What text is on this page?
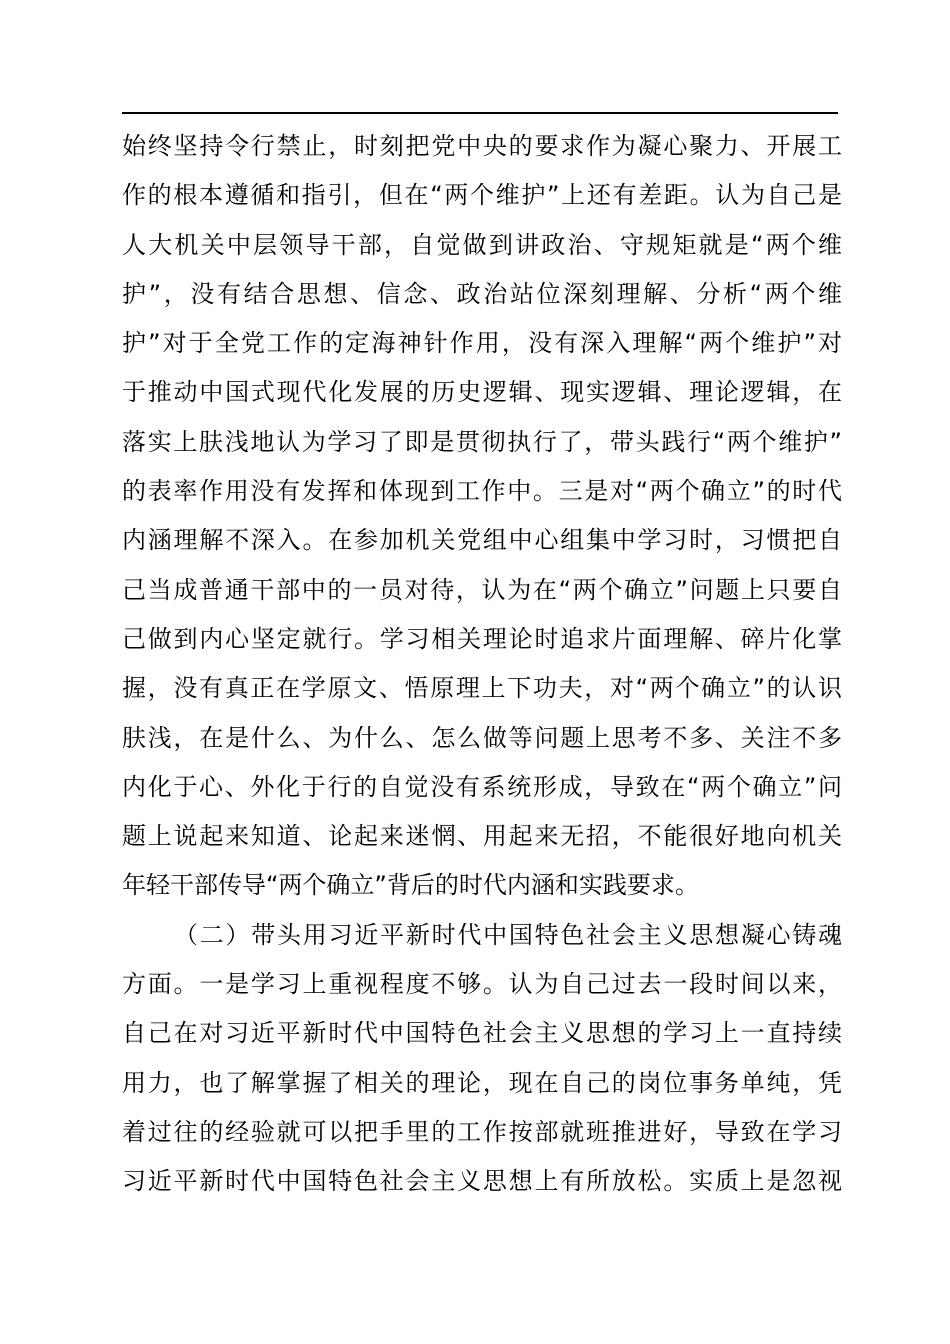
始终坚持令行禁止，时刻把党中央的要求作为凝心聚力、开展工
作的根本遵循和指引，但在“两个维护”上还有差距。认为自己是
人大机关中层领导干部，自觉做到讲政治、守规矩就是“两个维
护”，没有结合思想、信念、政治站位深刻理解、分析“两个维
护”对于全党工作的定海神针作用，没有深入理解“两个维护”对
于推动中国式现代化发展的历史逻辑、现实逻辑、理论逻辑，在
落实上肤浅地认为学习了即是贯彻执行了，带头践行“两个维护”
的表率作用没有发挥和体现到工作中。三是对“两个确立”的时代
内涵理解不深入。在参加机关党组中心组集中学习时，习惯把自
己当成普通干部中的一员对待，认为在“两个确立”问题上只要自
己做到内心坚定就行。学习相关理论时追求片面理解、碎片化掌
握，没有真正在学原文、悟原理上下功夫，对“两个确立”的认识
肤浅，在是什么、为什么、怎么做等问题上思考不多、关注不多
内化于心、外化于行的自觉没有系统形成，导致在“两个确立”问
题上说起来知道、论起来迷惘、用起来无招，不能很好地向机关
年轻干部传导“两个确立”背后的时代内涵和实践要求。
（二）带头用习近平新时代中国特色社会主义思想凝心铸魂
方面。一是学习上重视程度不够。认为自己过去一段时间以来，
自己在对习近平新时代中国特色社会主义思想的学习上一直持续
用力，也了解掌握了相关的理论，现在自己的岗位事务单纯，凭
着过往的经验就可以把手里的工作按部就班推进好，导致在学习
习近平新时代中国特色社会主义思想上有所放松。实质上是忽视
